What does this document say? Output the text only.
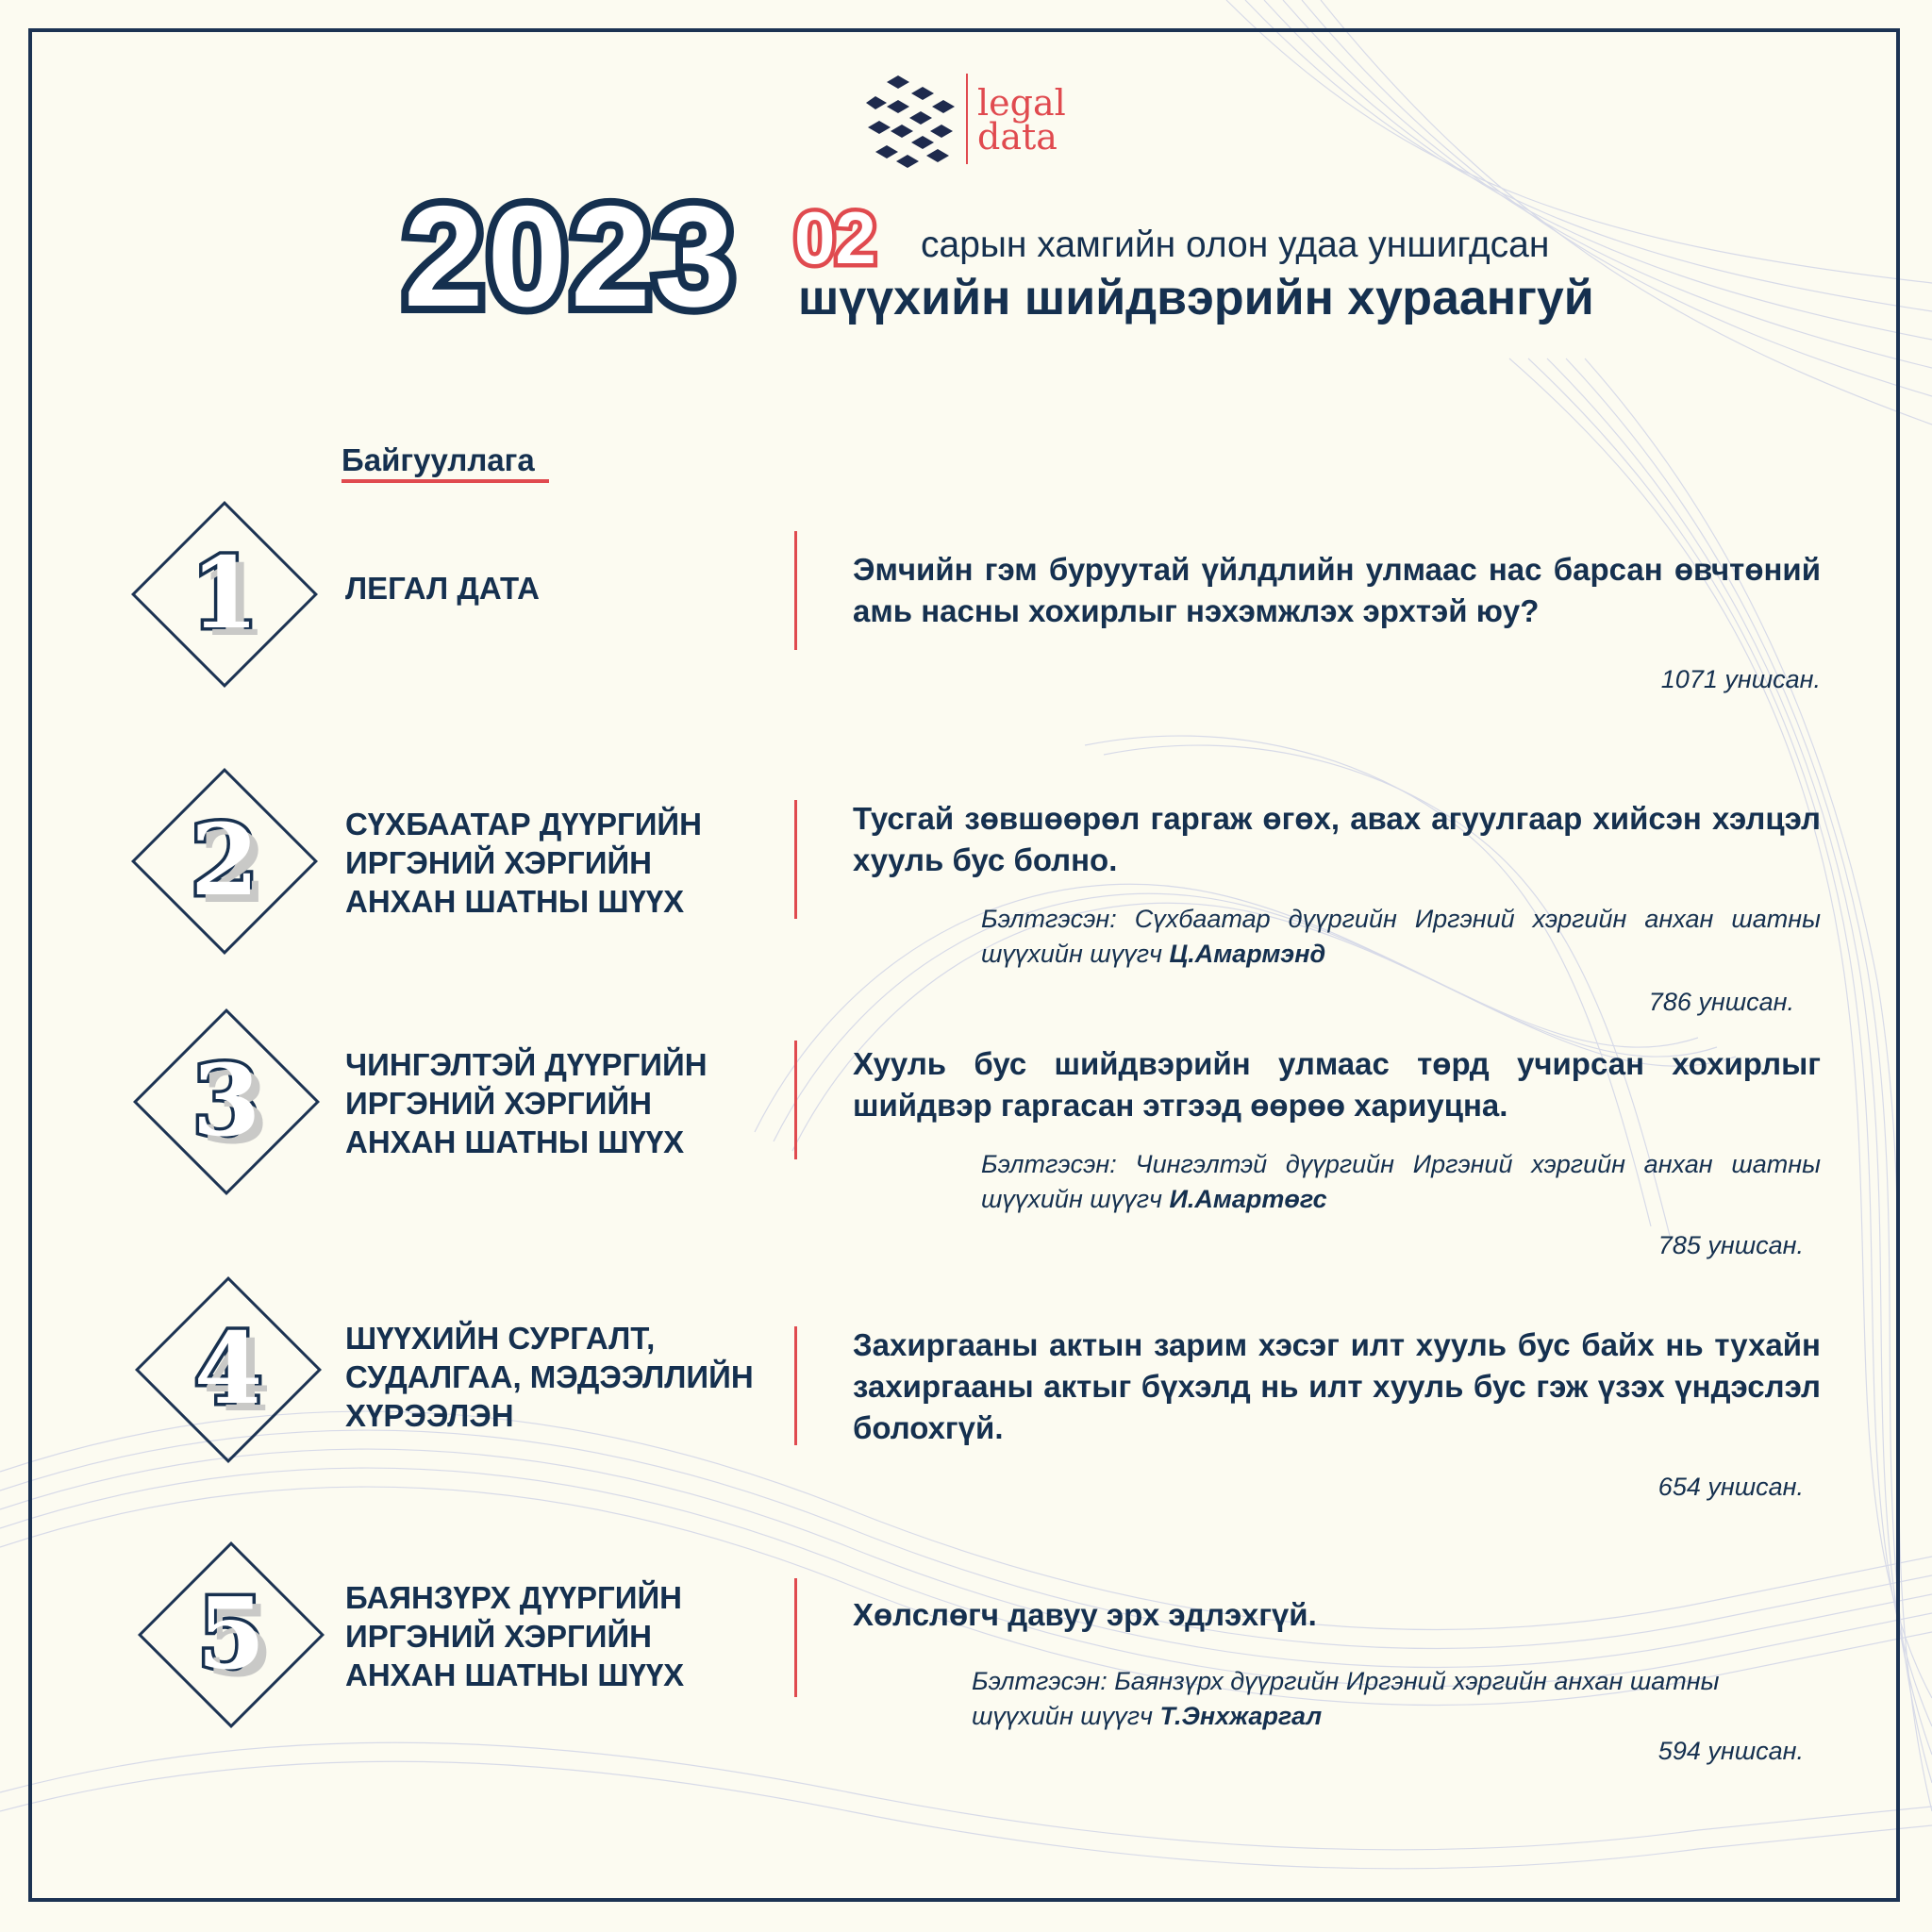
legal
data
2023 02 сарын хамгийн олон удаа уншигдсан
шүүхийн шийдвэрийн хураангуй
Байгууллага
1	ЛЕГАЛ ДАТА
Эмчийн гэм буруутай үйлдлийн улмаас нас барсан өвчтөний амь насны хохирлыг нэхэмжлэх эрхтэй юу?
1071 уншсан.
2	СҮХБААТАР ДҮҮРГИЙН ИРГЭНИЙ ХЭРГИЙН АНХАН ШАТНЫ ШҮҮХ
Тусгай зөвшөөрөл гаргаж өгөх, авах агуулгаар хийсэн хэлцэл хууль бус болно.
Бэлтгэсэн: Сүхбаатар дүүргийн Иргэний хэргийн анхан шатны шүүхийн шүүгч Ц.Амармэнд
786 уншсан.
3	ЧИНГЭЛТЭЙ ДҮҮРГИЙН ИРГЭНИЙ ХЭРГИЙН АНХАН ШАТНЫ ШҮҮХ
Хууль бус шийдвэрийн улмаас төрд учирсан хохирлыг шийдвэр гаргасан этгээд өөрөө хариуцна.
Бэлтгэсэн: Чингэлтэй дүүргийн Иргэний хэргийн анхан шатны шүүхийн шүүгч И.Амартөгс
785 уншсан.
4	ШҮҮХИЙН СУРГАЛТ, СУДАЛГАА, МЭДЭЭЛЛИЙН ХҮРЭЭЛЭН
Захиргааны актын зарим хэсэг илт хууль бус байх нь тухайн захиргааны актыг бүхэлд нь илт хууль бус гэж үзэх үндэслэл болохгүй.
654 уншсан.
5	БАЯНЗҮРХ ДҮҮРГИЙН ИРГЭНИЙ ХЭРГИЙН АНХАН ШАТНЫ ШҮҮХ
Хөлслөгч давуу эрх эдлэхгүй.
Бэлтгэсэн: Баянзүрх дүүргийн Иргэний хэргийн анхан шатны шүүхийн шүүгч Т.Энхжаргал
594 уншсан.
